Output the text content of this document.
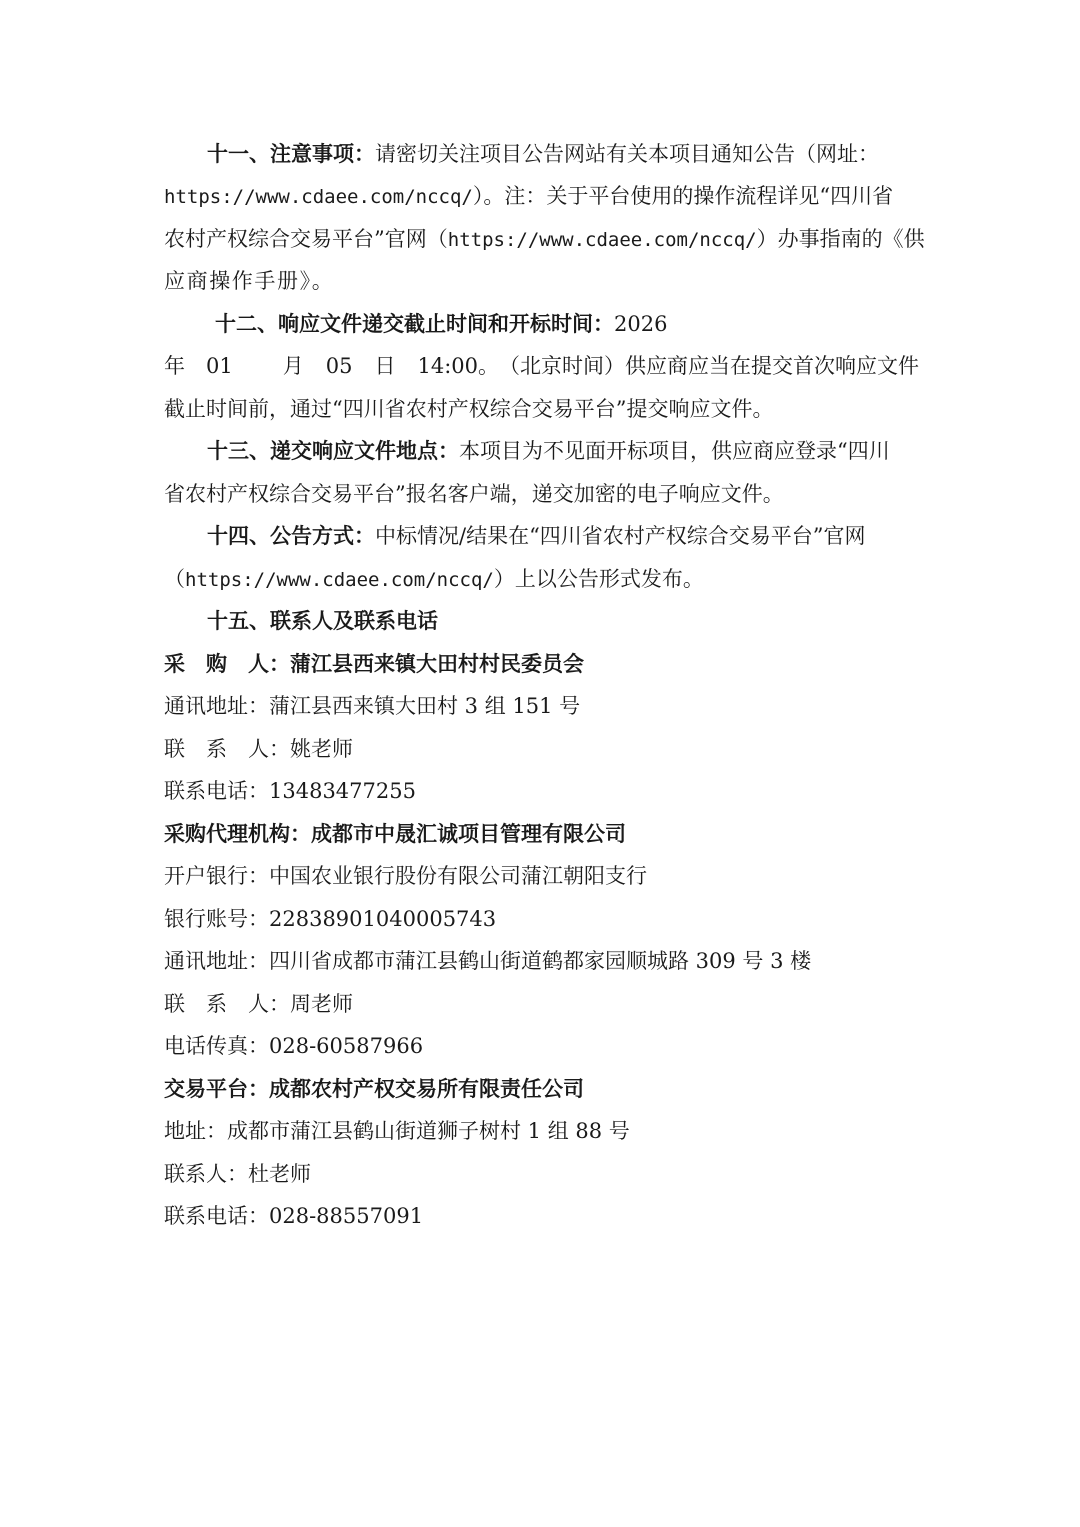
十一、注意事项：请密切关注项目公告网站有关本项目通知公告（网址：
https://www.cdaee.com/nccq/）。注：关于平台使用的操作流程详见“四川省
农村产权综合交易平台”官网（https://www.cdaee.com/nccq/）办事指南的《供
应商操作手册》。
十二、响应文件递交截止时间和开标时间：2026
年 01 月 05 日 14:00。（北京时间）供应商应当在提交首次响应文件
截止时间前，通过“四川省农村产权综合交易平台”提交响应文件。
十三、递交响应文件地点：本项目为不见面开标项目，供应商应登录“四川
省农村产权综合交易平台”报名客户端，递交加密的电子响应文件。
十四、公告方式：中标情况/结果在“四川省农村产权综合交易平台”官网
（https://www.cdaee.com/nccq/）上以公告形式发布。
十五、联系人及联系电话
采　购　人：蒲江县西来镇大田村村民委员会
通讯地址：蒲江县西来镇大田村 3 组 151 号
联　系　人：姚老师
联系电话：13483477255
采购代理机构：成都市中晟汇诚项目管理有限公司
开户银行：中国农业银行股份有限公司蒲江朝阳支行
银行账号：22838901040005743
通讯地址：四川省成都市蒲江县鹤山街道鹤都家园顺城路 309 号 3 楼
联　系　人：周老师
电话传真：028-60587966
交易平台：成都农村产权交易所有限责任公司
地址：成都市蒲江县鹤山街道狮子树村 1 组 88 号
联系人：杜老师
联系电话：028-88557091
